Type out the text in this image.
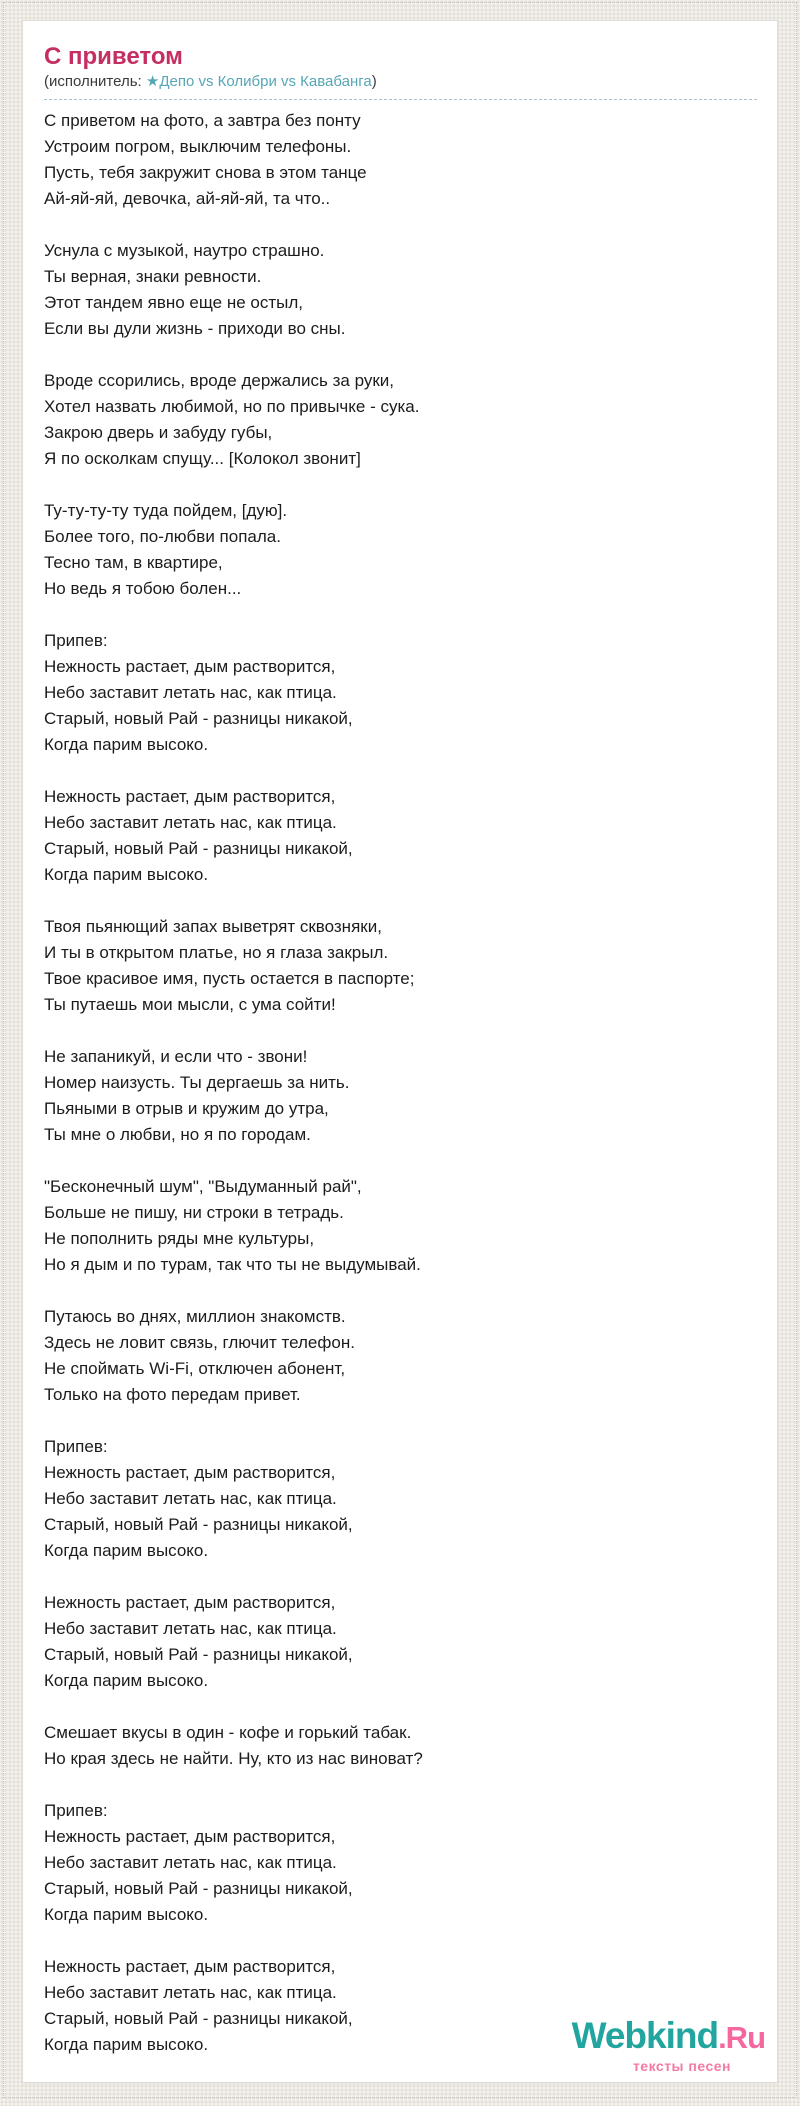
С приветом
(исполнитель: ★Депо vs Колибри vs Кавабанга)

С приветом на фото, а завтра без понту
Устроим погром, выключим телефоны.
Пусть, тебя закружит снова в этом танце
Ай-яй-яй, девочка, ай-яй-яй, та что..

Уснула с музыкой, наутро страшно.
Ты верная, знаки ревности.
Этот тандем явно еще не остыл,
Если вы дули жизнь - приходи во сны.

Вроде ссорились, вроде держались за руки,
Хотел назвать любимой, но по привычке - сука.
Закрою дверь и забуду губы,
Я по осколкам спущу... [Колокол звонит]

Ту-ту-ту-ту туда пойдем, [дую].
Более того, по-любви попала.
Тесно там, в квартире,
Но ведь я тобою болен...

Припев:
Нежность растает, дым растворится,
Небо заставит летать нас, как птица.
Старый, новый Рай - разницы никакой,
Когда парим высоко.

Нежность растает, дым растворится,
Небо заставит летать нас, как птица.
Старый, новый Рай - разницы никакой,
Когда парим высоко.

Твоя пьянющий запах выветрят сквозняки,
И ты в открытом платье, но я глаза закрыл.
Твое красивое имя, пусть остается в паспорте;
Ты путаешь мои мысли, с ума сойти!

Не запаникуй, и если что - звони!
Номер наизусть. Ты дергаешь за нить.
Пьяными в отрыв и кружим до утра,
Ты мне о любви, но я по городам.

"Бесконечный шум", "Выдуманный рай",
Больше не пишу, ни строки в тетрадь.
Не пополнить ряды мне культуры,
Но я дым и по турам, так что ты не выдумывай.

Путаюсь во днях, миллион знакомств.
Здесь не ловит связь, глючит телефон.
Не споймать Wi-Fi, отключен абонент,
Только на фото передам привет.

Припев:
Нежность растает, дым растворится,
Небо заставит летать нас, как птица.
Старый, новый Рай - разницы никакой,
Когда парим высоко.

Нежность растает, дым растворится,
Небо заставит летать нас, как птица.
Старый, новый Рай - разницы никакой,
Когда парим высоко.

Смешает вкусы в один - кофе и горький табак.
Но края здесь не найти. Ну, кто из нас виноват?

Припев:
Нежность растает, дым растворится,
Небо заставит летать нас, как птица.
Старый, новый Рай - разницы никакой,
Когда парим высоко.

Нежность растает, дым растворится,
Небо заставит летать нас, как птица.
Старый, новый Рай - разницы никакой,
Когда парим высоко.	Webkind.Ru
тексты песен
